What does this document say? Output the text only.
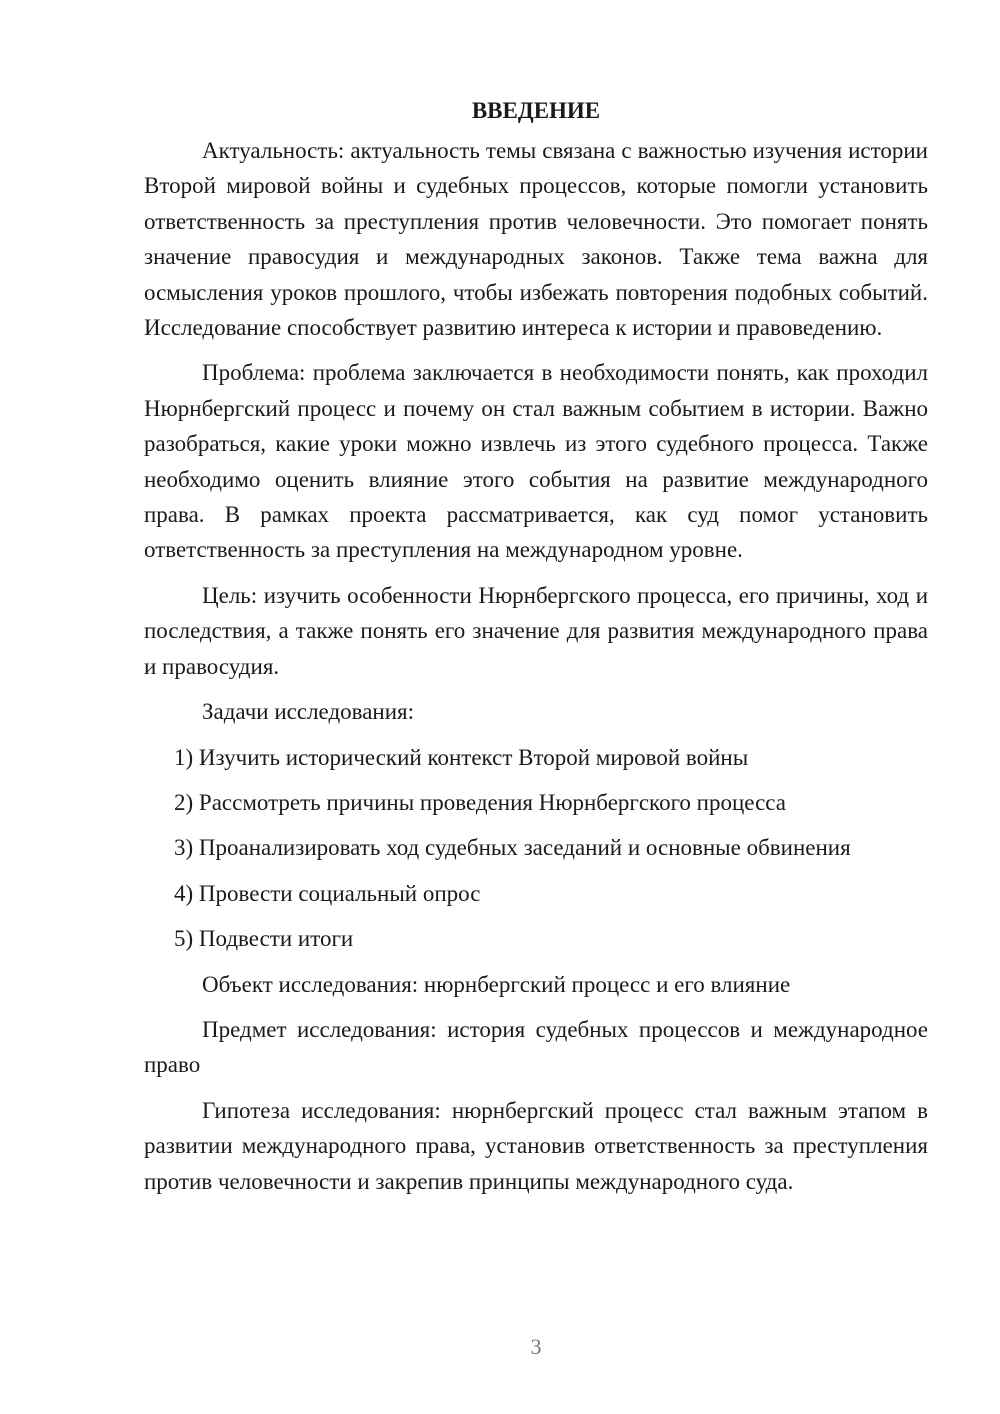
ВВЕДЕНИЕ

Актуальность: актуальность темы связана с важностью изучения истории Второй мировой войны и судебных процессов, которые помогли установить ответственность за преступления против человечности. Это помогает понять значение правосудия и международных законов. Также тема важна для осмысления уроков прошлого, чтобы избежать повторения подобных событий. Исследование способствует развитию интереса к истории и правоведению.

Проблема: проблема заключается в необходимости понять, как проходил Нюрнбергский процесс и почему он стал важным событием в истории. Важно разобраться, какие уроки можно извлечь из этого судебного процесса. Также необходимо оценить влияние этого события на развитие международного права. В рамках проекта рассматривается, как суд помог установить ответственность за преступления на международном уровне.

Цель: изучить особенности Нюрнбергского процесса, его причины, ход и последствия, а также понять его значение для развития международного права и правосудия.

Задачи исследования:
1) Изучить исторический контекст Второй мировой войны
2) Рассмотреть причины проведения Нюрнбергского процесса
3) Проанализировать ход судебных заседаний и основные обвинения
4) Провести социальный опрос
5) Подвести итоги
Объект исследования: нюрнбергский процесс и его влияние

Предмет исследования: история судебных процессов и международное право

Гипотеза исследования: нюрнбергский процесс стал важным этапом в развитии международного права, установив ответственность за преступления против человечности и закрепив принципы международного суда.

3
